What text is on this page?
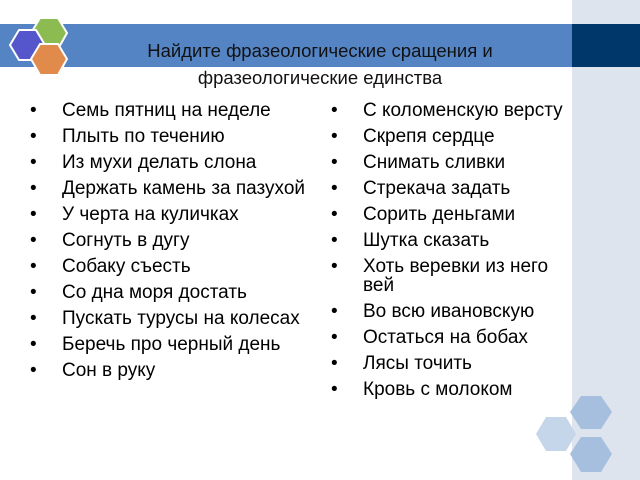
Найдите фразеологические сращения и фразеологические единства
• Семь пятниц на неделе
• Плыть по течению
• Из мухи делать слона
• Держать камень за пазухой
• У черта на куличках
• Согнуть в дугу
• Собаку съесть
• Со дна моря достать
• Пускать турусы на колесах
• Беречь про черный день
• Сон в руку
• С коломенскую версту
• Скрепя сердце
• Снимать сливки
• Стрекача задать
• Сорить деньгами
• Шутка сказать
• Хоть веревки из него вей
• Во всю ивановскую
• Остаться на бобах
• Лясы точить
• Кровь с молоком
